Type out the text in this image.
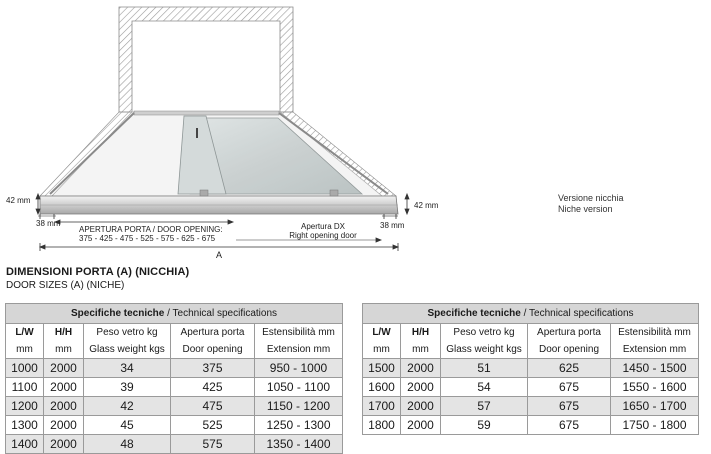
42 mm
42 mm
38 mm	38 mm
APERTURA PORTA / DOOR OPENING:
375 - 425 - 475 - 525 - 575 - 625 - 675
Apertura DX
Right opening door
A
Versione nicchia
Niche version
DIMENSIONI PORTA (A) (NICCHIA)
DOOR SIZES (A) (NICHE)
Specifiche tecniche / Technical specifications				
L/W	H/H	Peso vetro kg	Apertura porta	Estensibilità mm
mm	mm	Glass weight kgs	Door opening	Extension mm
1000	2000	34	375	950 - 1000
1100	2000	39	425	1050 - 1100
1200	2000	42	475	1150 - 1200
1300	2000	45	525	1250 - 1300
1400	2000	48	575	1350 - 1400
Specifiche tecniche / Technical specifications				
L/W	H/H	Peso vetro kg	Apertura porta	Estensibilità mm
mm	mm	Glass weight kgs	Door opening	Extension mm
1500	2000	51	625	1450 - 1500
1600	2000	54	675	1550 - 1600
1700	2000	57	675	1650 - 1700
1800	2000	59	675	1750 - 1800
